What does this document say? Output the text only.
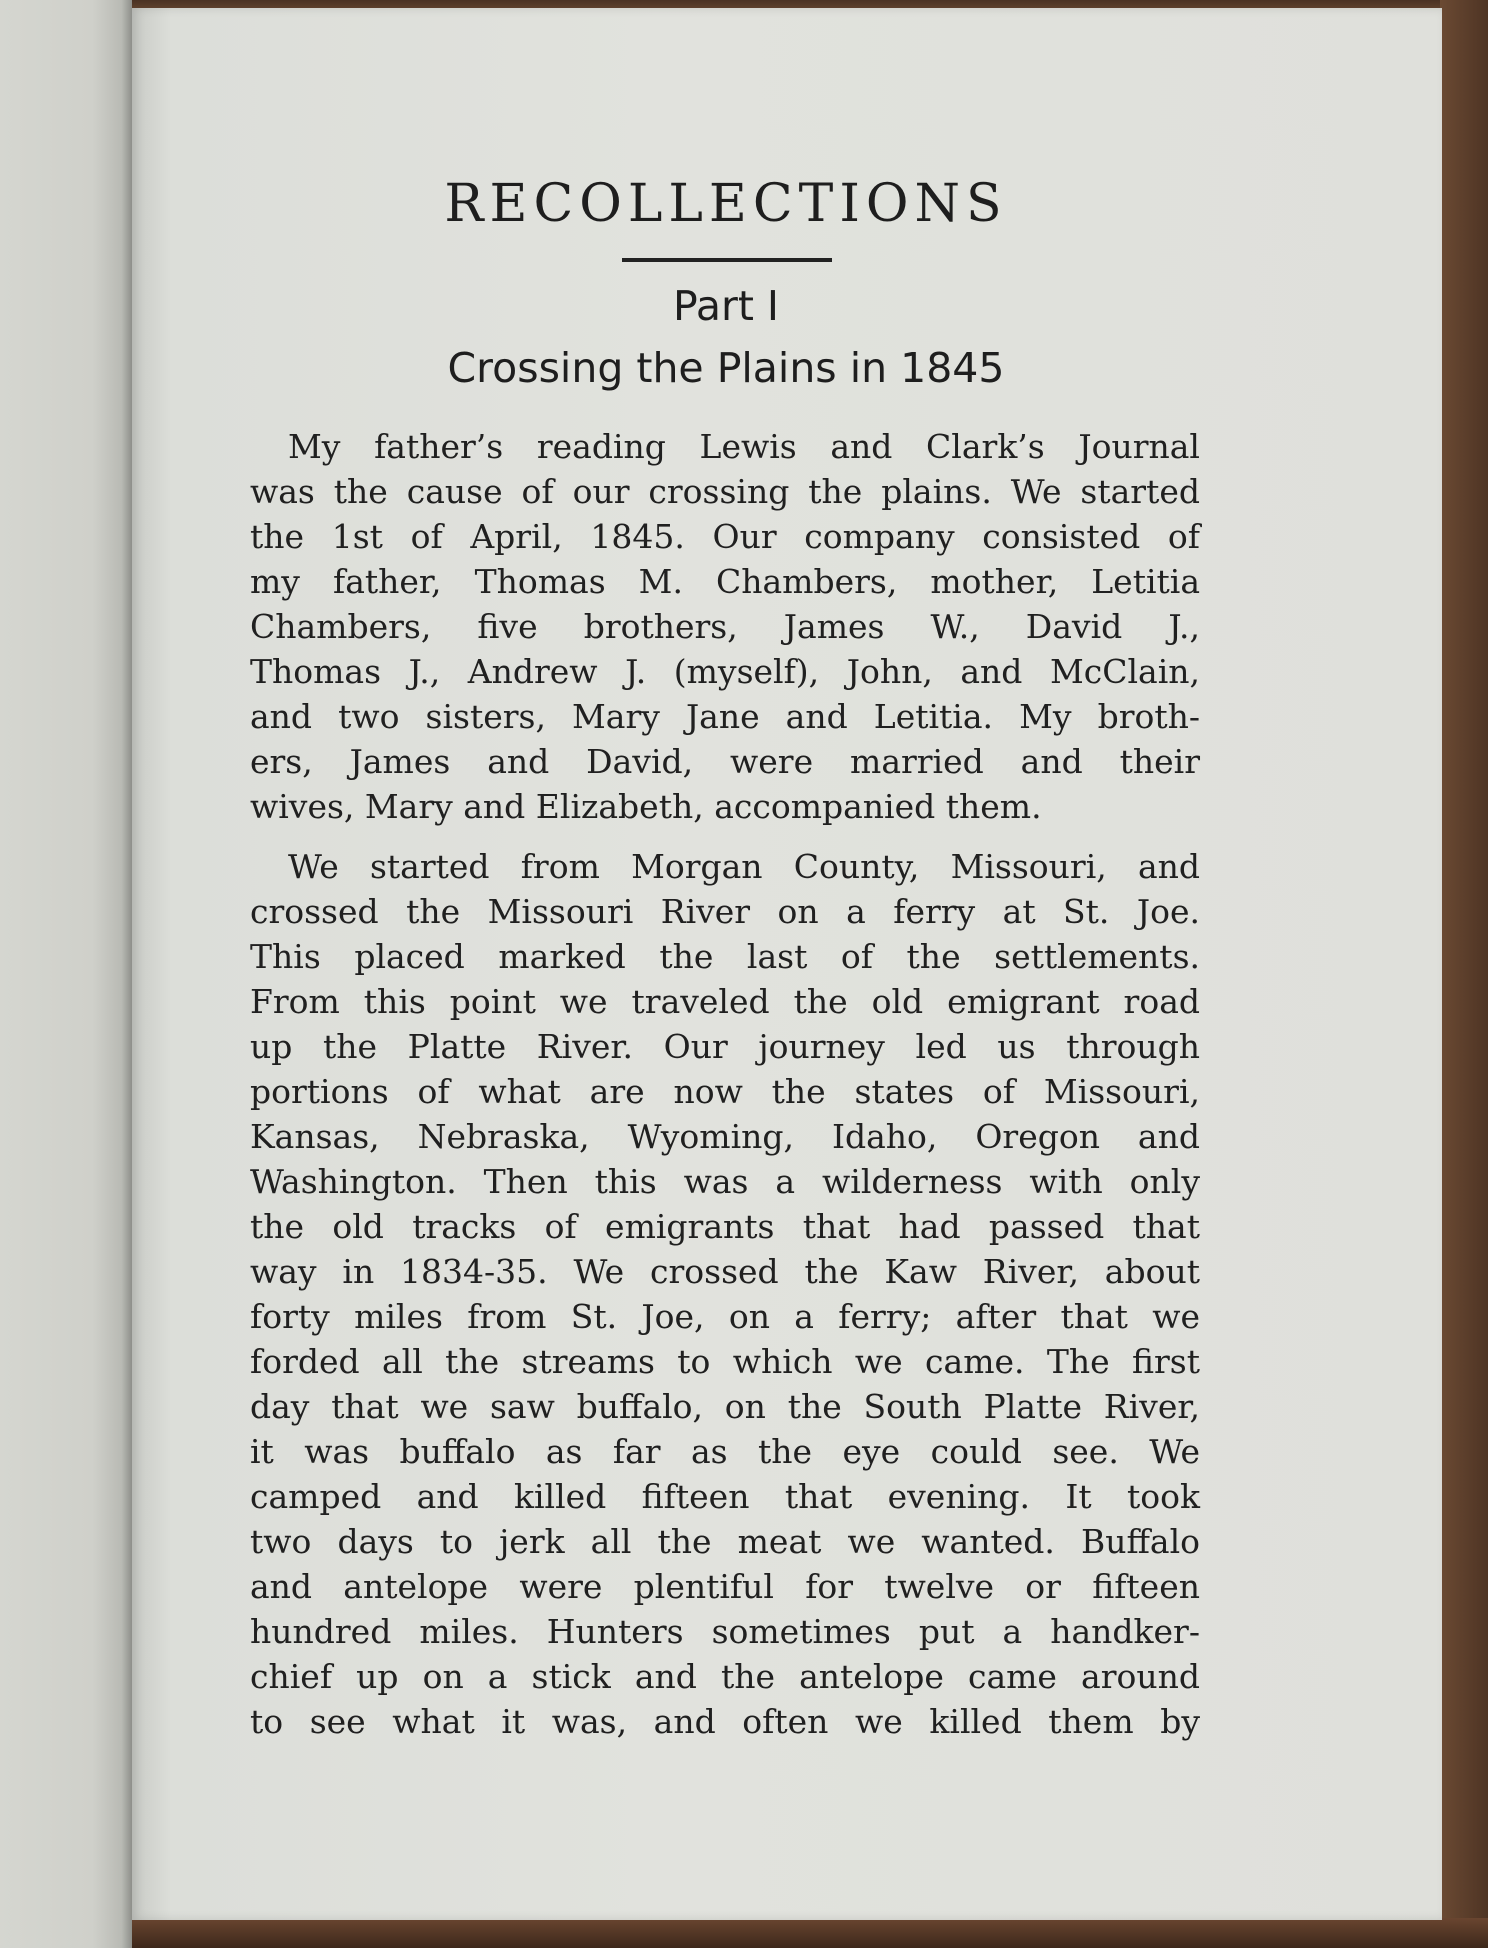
RECOLLECTIONS
Part I
Crossing the Plains in 1845
My father’s reading Lewis and Clark’s Journal
was the cause of our crossing the plains. We started
the 1st of April, 1845. Our company consisted of
my father, Thomas M. Chambers, mother, Letitia
Chambers, five brothers, James W., David J.,
Thomas J., Andrew J. (myself), John, and McClain,
and two sisters, Mary Jane and Letitia. My broth-
ers, James and David, were married and their
wives, Mary and Elizabeth, accompanied them.
We started from Morgan County, Missouri, and
crossed the Missouri River on a ferry at St. Joe.
This placed marked the last of the settlements.
From this point we traveled the old emigrant road
up the Platte River. Our journey led us through
portions of what are now the states of Missouri,
Kansas, Nebraska, Wyoming, Idaho, Oregon and
Washington. Then this was a wilderness with only
the old tracks of emigrants that had passed that
way in 1834-35. We crossed the Kaw River, about
forty miles from St. Joe, on a ferry; after that we
forded all the streams to which we came. The first
day that we saw buffalo, on the South Platte River,
it was buffalo as far as the eye could see. We
camped and killed fifteen that evening. It took
two days to jerk all the meat we wanted. Buffalo
and antelope were plentiful for twelve or fifteen
hundred miles. Hunters sometimes put a handker-
chief up on a stick and the antelope came around
to see what it was, and often we killed them by
